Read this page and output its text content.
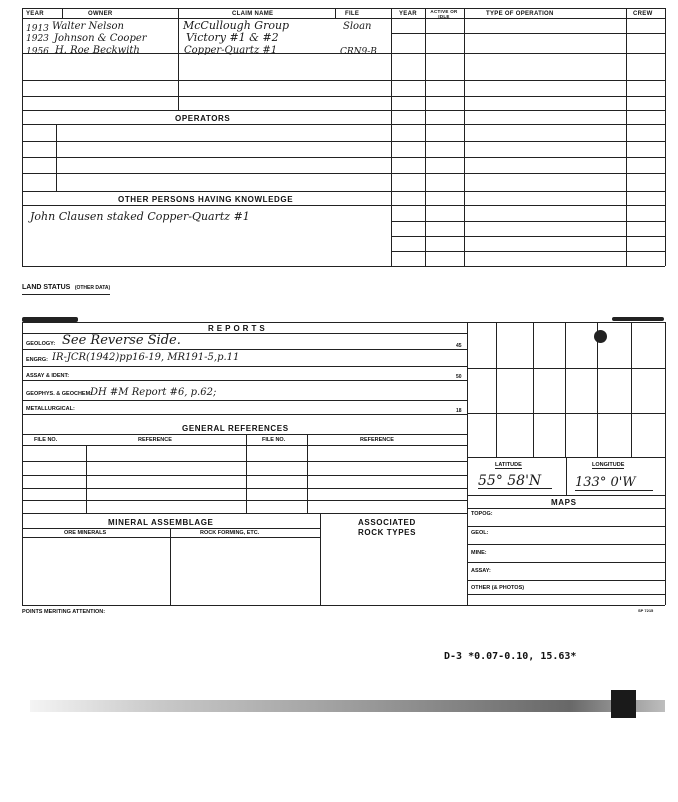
YEAR	OWNER	CLAIM NAME	FILE	YEAR	ACTIVE OR IDLE	TYPE OF OPERATION	CREW
1913 Walter Nelson	McCullough Group	Sloan
1923 Johnson & Cooper	Victory #1 & #2
1956 H. Roe Beckwith	Copper-Quartz #1	CRN9-B
OPERATORS
OTHER PERSONS HAVING KNOWLEDGE
John Clausen staked Copper-Quartz #1
LAND STATUS (OTHER DATA)
REPORTS
GEOLOGY: See Reverse Side.	45
ENGRG: IR-JCR(1942)pp16-19, MR191-5,p.11
ASSAY & IDENT:	50
GEOPHYS. & GEOCHEM:
DH #M Report #6, p.62;
METALLURGICAL:	18
GENERAL REFERENCES
FILE NO.	REFERENCE	FILE NO.	REFERENCE
MINERAL ASSEMBLAGE
ORE MINERALS	ROCK FORMING, ETC.
ASSOCIATED
ROCK TYPES
LATITUDE	LONGITUDE
55° 58'N	133° 0'W
MAPS
TOPOG:
GEOL:
MINE:
ASSAY:
OTHER (& PHOTOS)
POINTS MERITING ATTENTION:	SP 7215
D-3 *0.07-0.10, 15.63*
